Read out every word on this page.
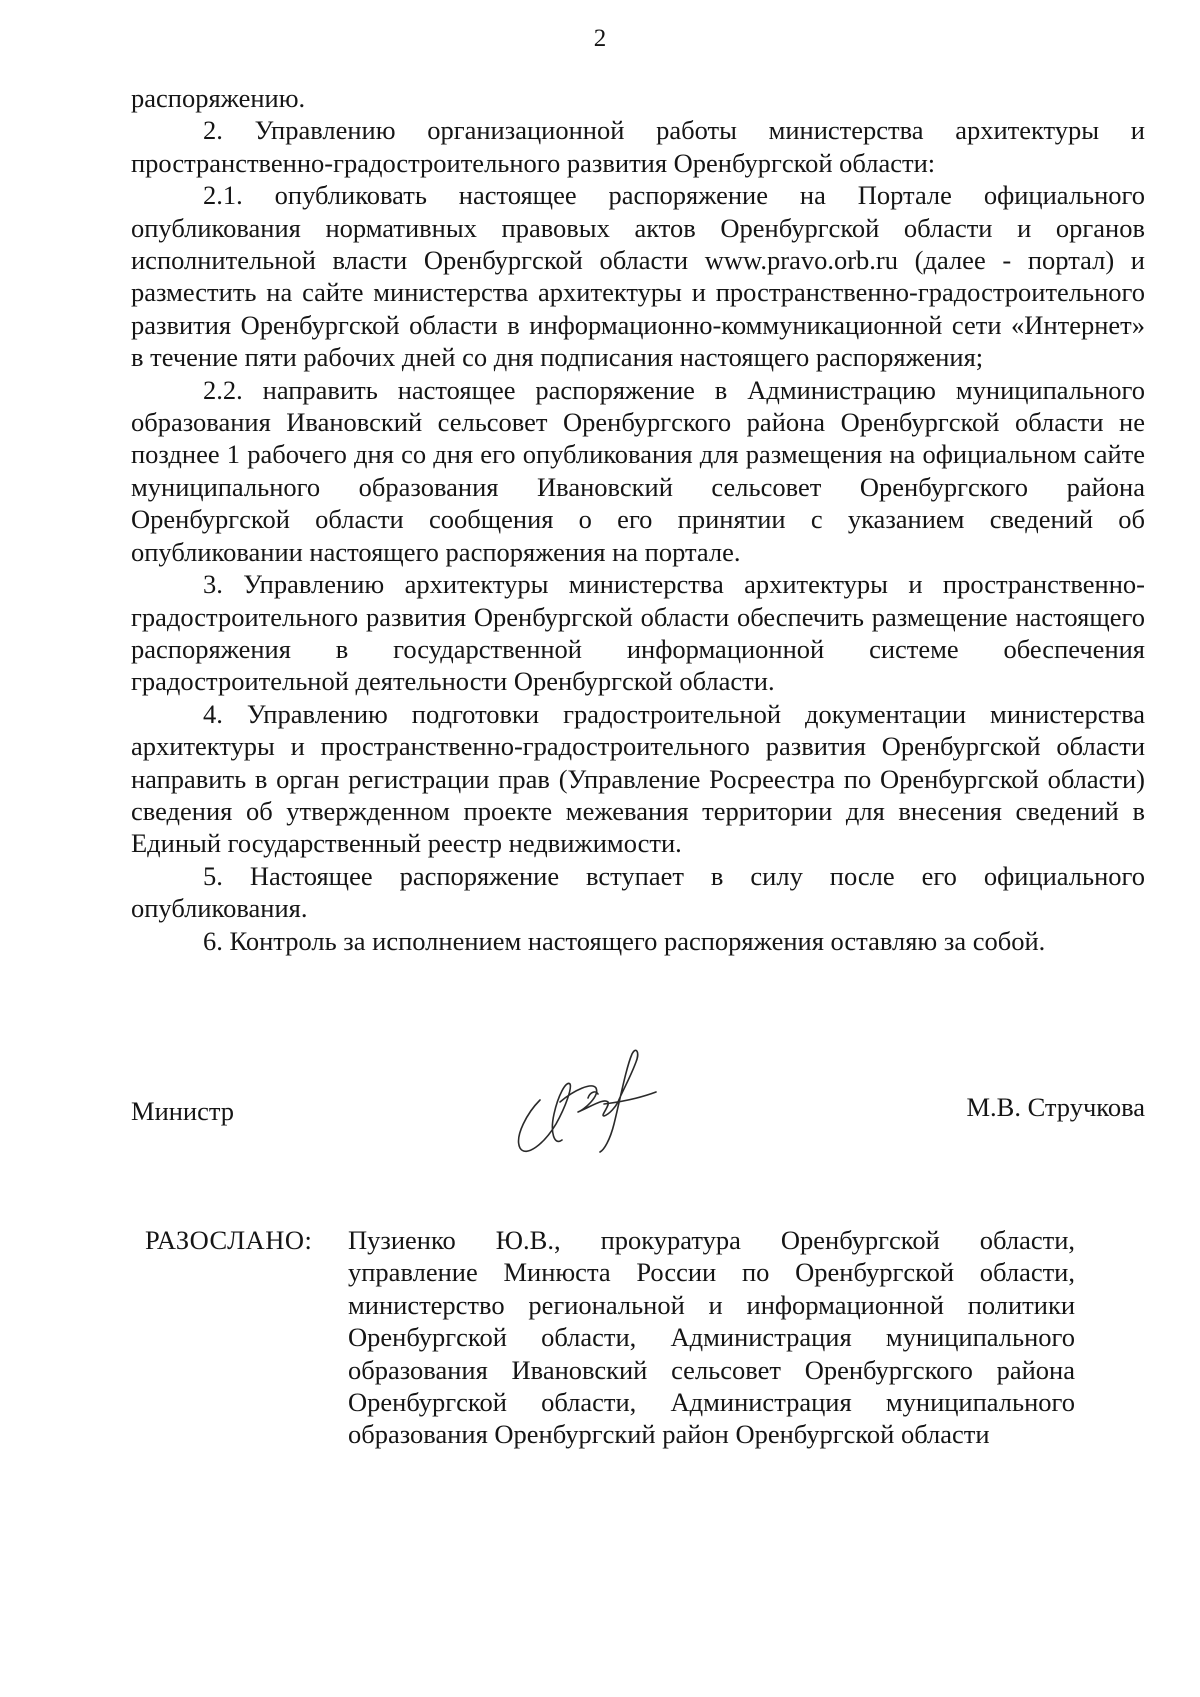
2

распоряжению.

2. Управлению организационной работы министерства архитектуры и пространственно-градостроительного развития Оренбургской области:

2.1. опубликовать настоящее распоряжение на Портале официального опубликования нормативных правовых актов Оренбургской области и органов исполнительной власти Оренбургской области www.pravo.orb.ru (далее - портал) и разместить на сайте министерства архитектуры и пространственно-градостроительного развития Оренбургской области в информационно-коммуникационной сети «Интернет» в течение пяти рабочих дней со дня подписания настоящего распоряжения;

2.2. направить настоящее распоряжение в Администрацию муниципального образования Ивановский сельсовет Оренбургского района Оренбургской области не позднее 1 рабочего дня со дня его опубликования для размещения на официальном сайте муниципального образования Ивановский сельсовет Оренбургского района Оренбургской области сообщения о его принятии с указанием сведений об опубликовании настоящего распоряжения на портале.

3. Управлению архитектуры министерства архитектуры и пространственно-градостроительного развития Оренбургской области обеспечить размещение настоящего распоряжения в государственной информационной системе обеспечения градостроительной деятельности Оренбургской области.

4. Управлению подготовки градостроительной документации министерства архитектуры и пространственно-градостроительного развития Оренбургской области направить в орган регистрации прав (Управление Росреестра по Оренбургской области) сведения об утвержденном проекте межевания территории для внесения сведений в Единый государственный реестр недвижимости.

5. Настоящее распоряжение вступает в силу после его официального опубликования.

6. Контроль за исполнением настоящего распоряжения оставляю за собой.

Министр	М.В. Стручкова
РАЗОСЛАНО: Пузиенко Ю.В., прокуратура Оренбургской области, управление Минюста России по Оренбургской области, министерство региональной и информационной политики Оренбургской области, Администрация муниципального образования Ивановский сельсовет Оренбургского района Оренбургской области, Администрация муниципального образования Оренбургский район Оренбургской области
